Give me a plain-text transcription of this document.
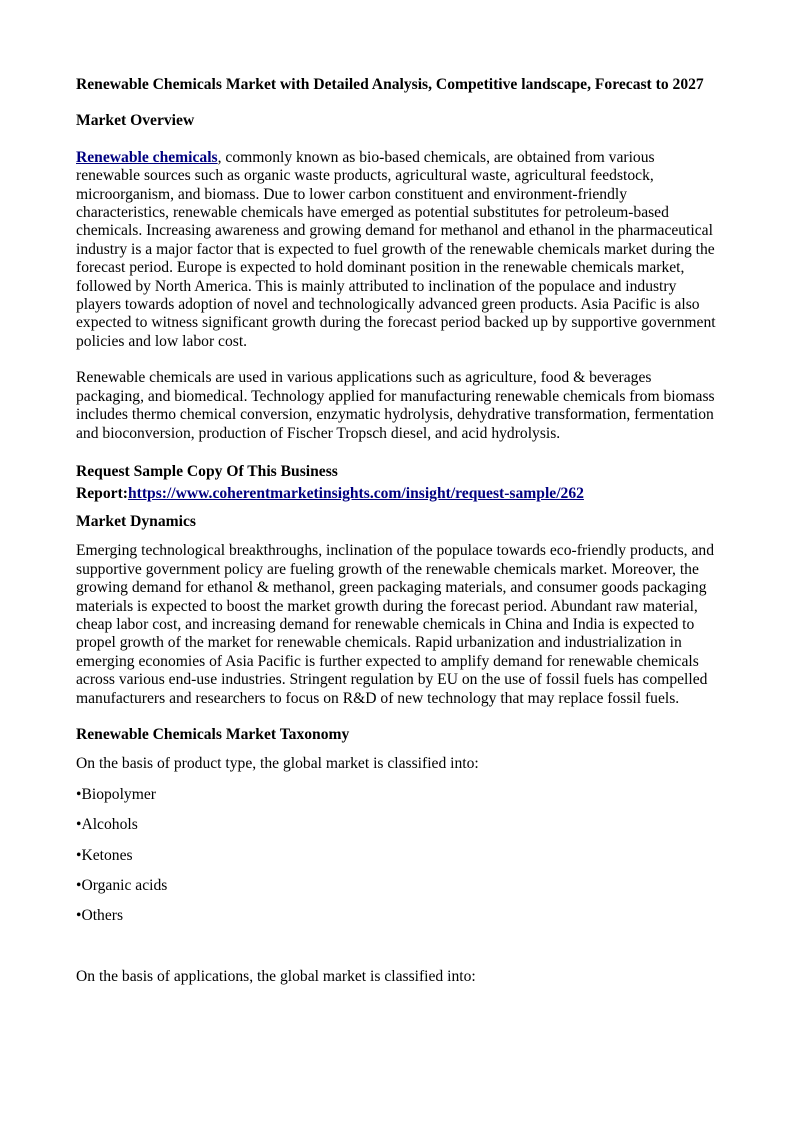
Renewable Chemicals Market with Detailed Analysis, Competitive landscape, Forecast to 2027

Market Overview

Renewable chemicals, commonly known as bio-based chemicals, are obtained from various renewable sources such as organic waste products, agricultural waste, agricultural feedstock, microorganism, and biomass. Due to lower carbon constituent and environment-friendly characteristics, renewable chemicals have emerged as potential substitutes for petroleum-based chemicals. Increasing awareness and growing demand for methanol and ethanol in the pharmaceutical industry is a major factor that is expected to fuel growth of the renewable chemicals market during the forecast period. Europe is expected to hold dominant position in the renewable chemicals market, followed by North America. This is mainly attributed to inclination of the populace and industry players towards adoption of novel and technologically advanced green products. Asia Pacific is also expected to witness significant growth during the forecast period backed up by supportive government policies and low labor cost.

Renewable chemicals are used in various applications such as agriculture, food & beverages packaging, and biomedical. Technology applied for manufacturing renewable chemicals from biomass includes thermo chemical conversion, enzymatic hydrolysis, dehydrative transformation, fermentation and bioconversion, production of Fischer Tropsch diesel, and acid hydrolysis.

Request Sample Copy Of This Business Report:https://www.coherentmarketinsights.com/insight/request-sample/262

Market Dynamics

Emerging technological breakthroughs, inclination of the populace towards eco-friendly products, and supportive government policy are fueling growth of the renewable chemicals market. Moreover, the growing demand for ethanol & methanol, green packaging materials, and consumer goods packaging materials is expected to boost the market growth during the forecast period. Abundant raw material, cheap labor cost, and increasing demand for renewable chemicals in China and India is expected to propel growth of the market for renewable chemicals. Rapid urbanization and industrialization in emerging economies of Asia Pacific is further expected to amplify demand for renewable chemicals across various end-use industries. Stringent regulation by EU on the use of fossil fuels has compelled manufacturers and researchers to focus on R&D of new technology that may replace fossil fuels.

Renewable Chemicals Market Taxonomy

On the basis of product type, the global market is classified into:

•Biopolymer

•Alcohols

•Ketones

•Organic acids

•Others

On the basis of applications, the global market is classified into:
